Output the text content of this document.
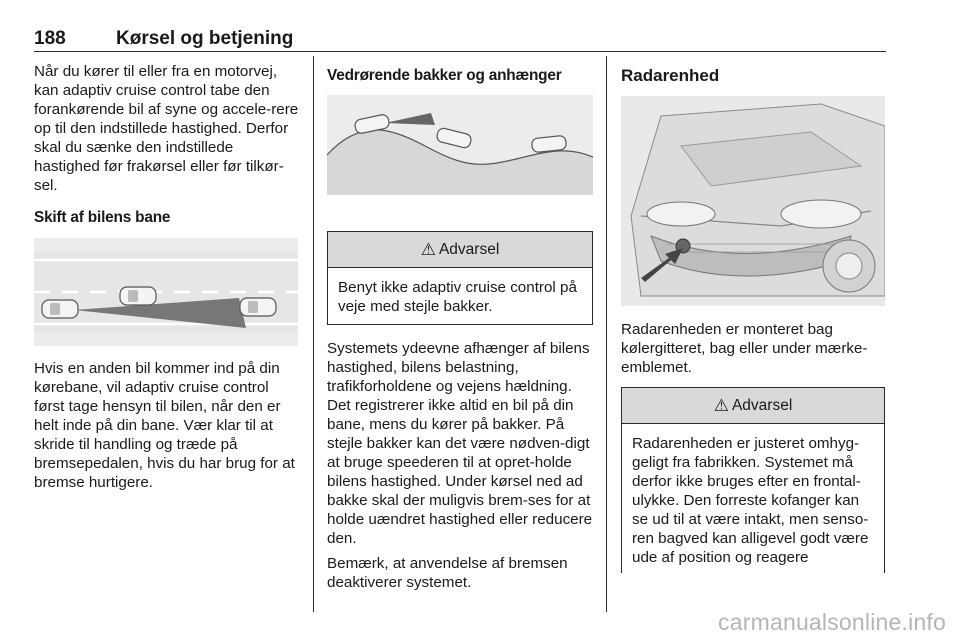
188	Kørsel og betjening

Når du kører til eller fra en motorvej, kan adaptiv cruise control tabe den forankørende bil af syne og accele-rere op til den indstillede hastighed. Derfor skal du sænke den indstillede hastighed før frakørsel eller før tilkør-sel.

Skift af bilens bane

Hvis en anden bil kommer ind på din kørebane, vil adaptiv cruise control først tage hensyn til bilen, når den er helt inde på din bane. Vær klar til at skride til handling og træde på bremsepedalen, hvis du har brug for at bremse hurtigere.

Vedrørende bakker og anhænger
⚠ Advarsel
Benyt ikke adaptiv cruise control på veje med stejle bakker.

Systemets ydeevne afhænger af bilens hastighed, bilens belastning, trafikforholdene og vejens hældning. Det registrerer ikke altid en bil på din bane, mens du kører på bakker. På stejle bakker kan det være nødven-digt at bruge speederen til at opret-holde bilens hastighed. Under kørsel ned ad bakke skal der muligvis brem-ses for at holde uændret hastighed eller reducere den.

Bemærk, at anvendelse af bremsen deaktiverer systemet.

Radarenhed

Radarenheden er monteret bag kølergitteret, bag eller under mærke-emblemet.

⚠ Advarsel
Radarenheden er justeret omhyg-geligt fra fabrikken. Systemet må derfor ikke bruges efter en frontal-ulykke. Den forreste kofanger kan se ud til at være intakt, men senso-ren bagved kan alligevel godt være ude af position og reagere
carmanualsonline.info
